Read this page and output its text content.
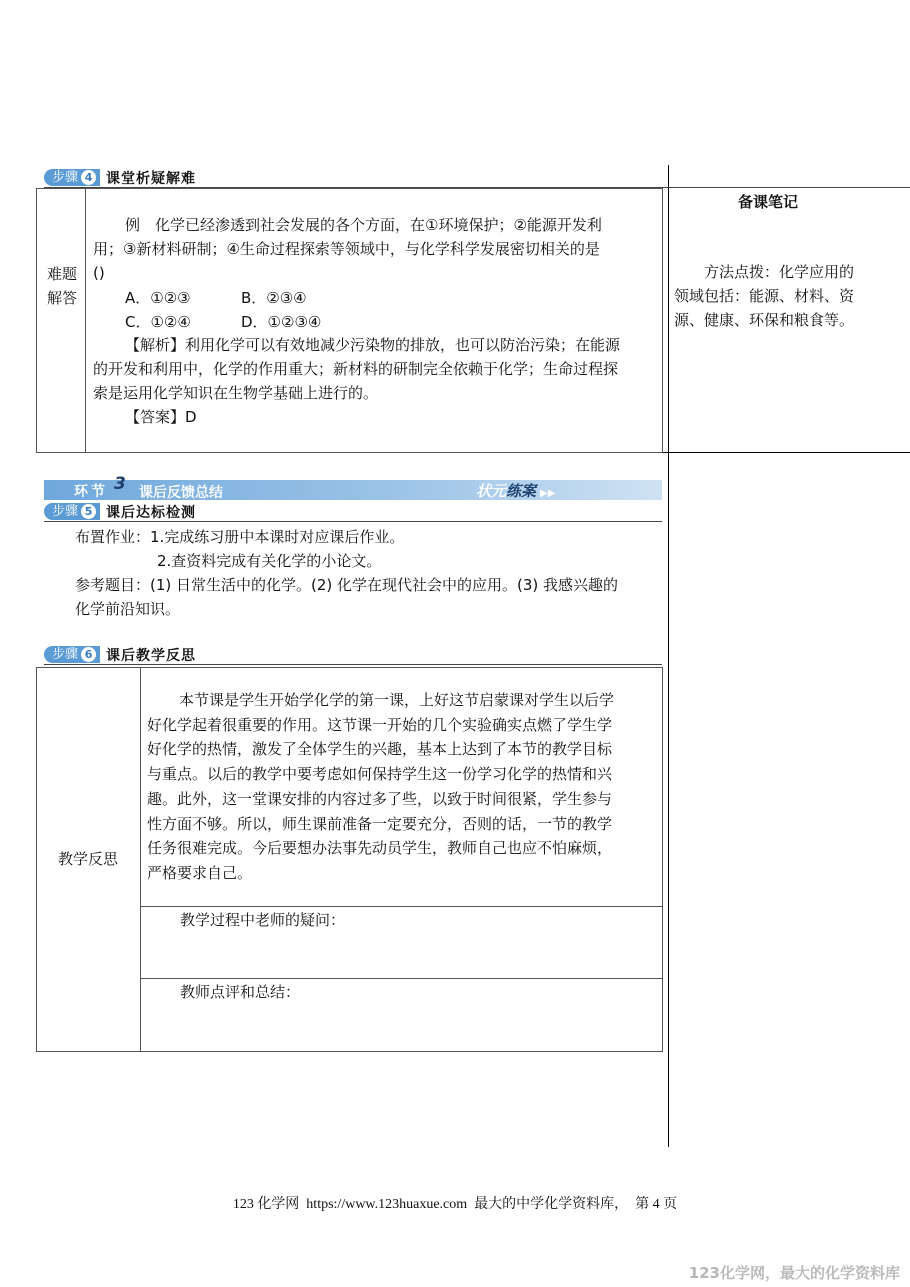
步骤 4 课堂析疑解难
难题
解答
例　化学已经渗透到社会发展的各个方面，在①环境保护；②能源开发利
用；③新材料研制；④生命过程探索等领域中，与化学科学发展密切相关的是
()
A．①②③	B．②③④
C．①②④	D．①②③④
【解析】利用化学可以有效地减少污染物的排放，也可以防治污染；在能源
的开发和利用中，化学的作用重大；新材料的研制完全依赖于化学；生命过程探
索是运用化学知识在生物学基础上进行的。
【答案】D
备课笔记
方法点拨：化学应用的
领域包括：能源、材料、资
源、健康、环保和粮食等。
环节 3 课后反馈总结	状元练案 ▶▶
步骤 5 课后达标检测
布置作业：1.完成练习册中本课时对应课后作业。
2.查资料完成有关化学的小论文。
参考题目：(1) 日常生活中的化学。(2) 化学在现代社会中的应用。(3) 我感兴趣的
化学前沿知识。
步骤 6 课后教学反思
教学反思
本节课是学生开始学化学的第一课，上好这节启蒙课对学生以后学
好化学起着很重要的作用。这节课一开始的几个实验确实点燃了学生学
好化学的热情，激发了全体学生的兴趣，基本上达到了本节的教学目标
与重点。以后的教学中要考虑如何保持学生这一份学习化学的热情和兴
趣。此外，这一堂课安排的内容过多了些，以致于时间很紧，学生参与
性方面不够。所以，师生课前准备一定要充分，否则的话，一节的教学
任务很难完成。今后要想办法事先动员学生，教师自己也应不怕麻烦，
严格要求自己。
教学过程中老师的疑问：
教师点评和总结：
123 化学网  https://www.123huaxue.com  最大的中学化学资料库，  第 4 页
123化学网，最大的化学资料库
